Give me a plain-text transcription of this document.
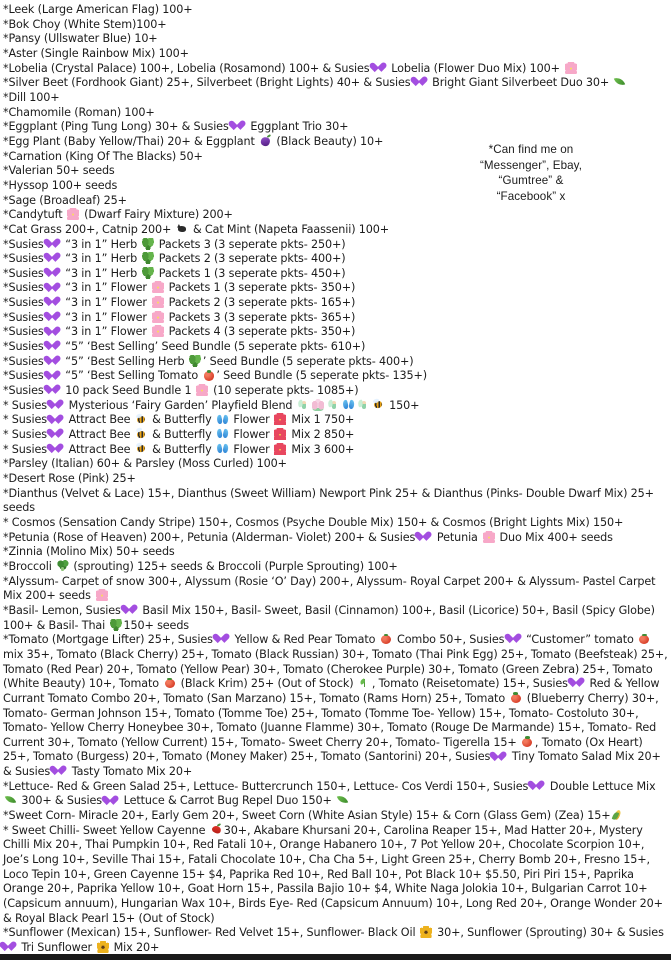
*Leek (Large American Flag) 100+
*Bok Choy (White Stem)100+
*Pansy (Ullswater Blue) 10+
*Aster (Single Rainbow Mix) 100+
*Lobelia (Crystal Palace) 100+, Lobelia (Rosamond) 100+ & Susies  Lobelia (Flower Duo Mix) 100+
*Silver Beet (Fordhook Giant) 25+, Silverbeet (Bright Lights) 40+ & Susies  Bright Giant Silverbeet Duo 30+
*Dill 100+
*Chamomile (Roman) 100+
*Eggplant (Ping Tung Long) 30+ & Susies  Eggplant Trio 30+
*Egg Plant (Baby Yellow/Thai) 20+ & Eggplant  (Black Beauty) 10+
*Carnation (King Of The Blacks) 50+
*Valerian 50+ seeds
*Hyssop 100+ seeds
*Sage (Broadleaf) 25+
*Candytuft  (Dwarf Fairy Mixture) 200+
*Cat Grass 200+, Catnip 200+  & Cat Mint (Napeta Faassenii) 100+
*Susies  “3 in 1” Herb  Packets 3 (3 seperate pkts- 250+)
*Susies  “3 in 1” Herb  Packets 2 (3 seperate pkts- 400+)
*Susies  “3 in 1” Herb  Packets 1 (3 seperate pkts- 450+)
*Susies  “3 in 1” Flower  Packets 1 (3 seperate pkts- 350+)
*Susies  “3 in 1” Flower  Packets 2 (3 seperate pkts- 165+)
*Susies  “3 in 1” Flower  Packets 3 (3 seperate pkts- 365+)
*Susies  “3 in 1” Flower  Packets 4 (3 seperate pkts- 350+)
*Susies  “5” ‘Best Selling’ Seed Bundle (5 seperate pkts- 610+)
*Susies  “5” ‘Best Selling Herb ’ Seed Bundle (5 seperate pkts- 400+)
*Susies  “5” ‘Best Selling Tomato ’ Seed Bundle (5 seperate pkts- 135+)
*Susies  10 pack Seed Bundle 1  (10 seperate pkts- 1085+)
* Susies  Mysterious ‘Fairy Garden’ Playfield Blend	150+
* Susies  Attract Bee  & Butterfly  Flower  Mix 1 750+
* Susies  Attract Bee  & Butterfly  Flower  Mix 2 850+
* Susies  Attract Bee  & Butterfly  Flower  Mix 3 600+
*Parsley (Italian) 60+ & Parsley (Moss Curled) 100+
*Desert Rose (Pink) 25+
*Dianthus (Velvet & Lace) 15+, Dianthus (Sweet William) Newport Pink 25+ & Dianthus (Pinks- Double Dwarf Mix) 25+ seeds
* Cosmos (Sensation Candy Stripe) 150+, Cosmos (Psyche Double Mix) 150+ & Cosmos (Bright Lights Mix) 150+
*Petunia (Rose of Heaven) 200+, Petunia (Alderman- Violet) 200+ & Susies  Petunia  Duo Mix 400+ seeds
*Zinnia (Molino Mix) 50+ seeds
*Broccoli  (sprouting) 125+ seeds & Broccoli (Purple Sprouting) 100+
*Alyssum- Carpet of snow 300+, Alyssum (Rosie ‘O’ Day) 200+, Alyssum- Royal Carpet 200+ & Alyssum- Pastel Carpet Mix 200+ seeds
*Basil- Lemon, Susies  Basil Mix 150+, Basil- Sweet, Basil (Cinnamon) 100+, Basil (Licorice) 50+, Basil (Spicy Globe) 100+ & Basil- Thai 150+ seeds
*Tomato (Mortgage Lifter) 25+, Susies  Yellow & Red Pear Tomato  Combo 50+, Susies  “Customer” tomato  mix 35+, Tomato (Black Cherry) 25+, Tomato (Black Russian) 30+, Tomato (Thai Pink Egg) 25+, Tomato (Beefsteak) 25+, Tomato (Red Pear) 20+, Tomato (Yellow Pear) 30+, Tomato (Cherokee Purple) 30+, Tomato (Green Zebra) 25+, Tomato (White Beauty) 10+, Tomato  (Black Krim) 25+ (Out of Stock) , Tomato (Reisetomate) 15+, Susies  Red & Yellow Currant Tomato Combo 20+, Tomato (San Marzano) 15+, Tomato (Rams Horn) 25+, Tomato  (Blueberry Cherry) 30+, Tomato- German Johnson 15+, Tomato (Tomme Toe) 25+, Tomato (Tomme Toe- Yellow) 15+, Tomato- Costoluto 30+, Tomato- Yellow Cherry Honeybee 30+, Tomato (Juanne Flamme) 30+, Tomato (Rouge De Marmande) 15+, Tomato- Red Current 30+, Tomato (Yellow Current) 15+, Tomato- Sweet Cherry 20+, Tomato- Tigerella 15+ , Tomato (Ox Heart) 25+, Tomato (Burgess) 20+, Tomato (Money Maker) 25+, Tomato (Santorini) 20+, Susies  Tiny Tomato Salad Mix 20+ & Susies  Tasty Tomato Mix 20+
*Lettuce- Red & Green Salad 25+, Lettuce- Buttercrunch 150+, Lettuce- Cos Verdi 150+, Susies  Double Lettuce Mix  300+ & Susies  Lettuce & Carrot Bug Repel Duo 150+
*Sweet Corn- Miracle 20+, Early Gem 20+, Sweet Corn (White Asian Style) 15+ & Corn (Glass Gem) (Zea) 15+
* Sweet Chilli- Sweet Yellow Cayenne 30+, Akabare Khursani 20+, Carolina Reaper 15+, Mad Hatter 20+, Mystery Chilli Mix 20+, Thai Pumpkin 10+, Red Fatali 10+, Orange Habanero 10+, 7 Pot Yellow 20+, Chocolate Scorpion 10+, Joe’s Long 10+, Seville Thai 15+, Fatali Chocolate 10+, Cha Cha 5+, Light Green 25+, Cherry Bomb 20+, Fresno 15+, Loco Tepin 10+, Green Cayenne 15+ $4, Paprika Red 10+, Red Ball 10+, Pot Black 10+ $5.50, Piri Piri 15+, Paprika Orange 20+, Paprika Yellow 10+, Goat Horn 15+, Passila Bajio 10+ $4, White Naga Jolokia 10+, Bulgarian Carrot 10+ (Capsicum annuum), Hungarian Wax 10+, Birds Eye- Red (Capsicum Annuum) 10+, Long Red 20+, Orange Wonder 20+ & Royal Black Pearl 15+ (Out of Stock)
*Sunflower (Mexican) 15+, Sunflower- Red Velvet 15+, Sunflower- Black Oil  30+, Sunflower (Sprouting) 30+ & Susies  Tri Sunflower  Mix 20+
*Can find me on
“Messenger”, Ebay,
“Gumtree” &
“Facebook” x
